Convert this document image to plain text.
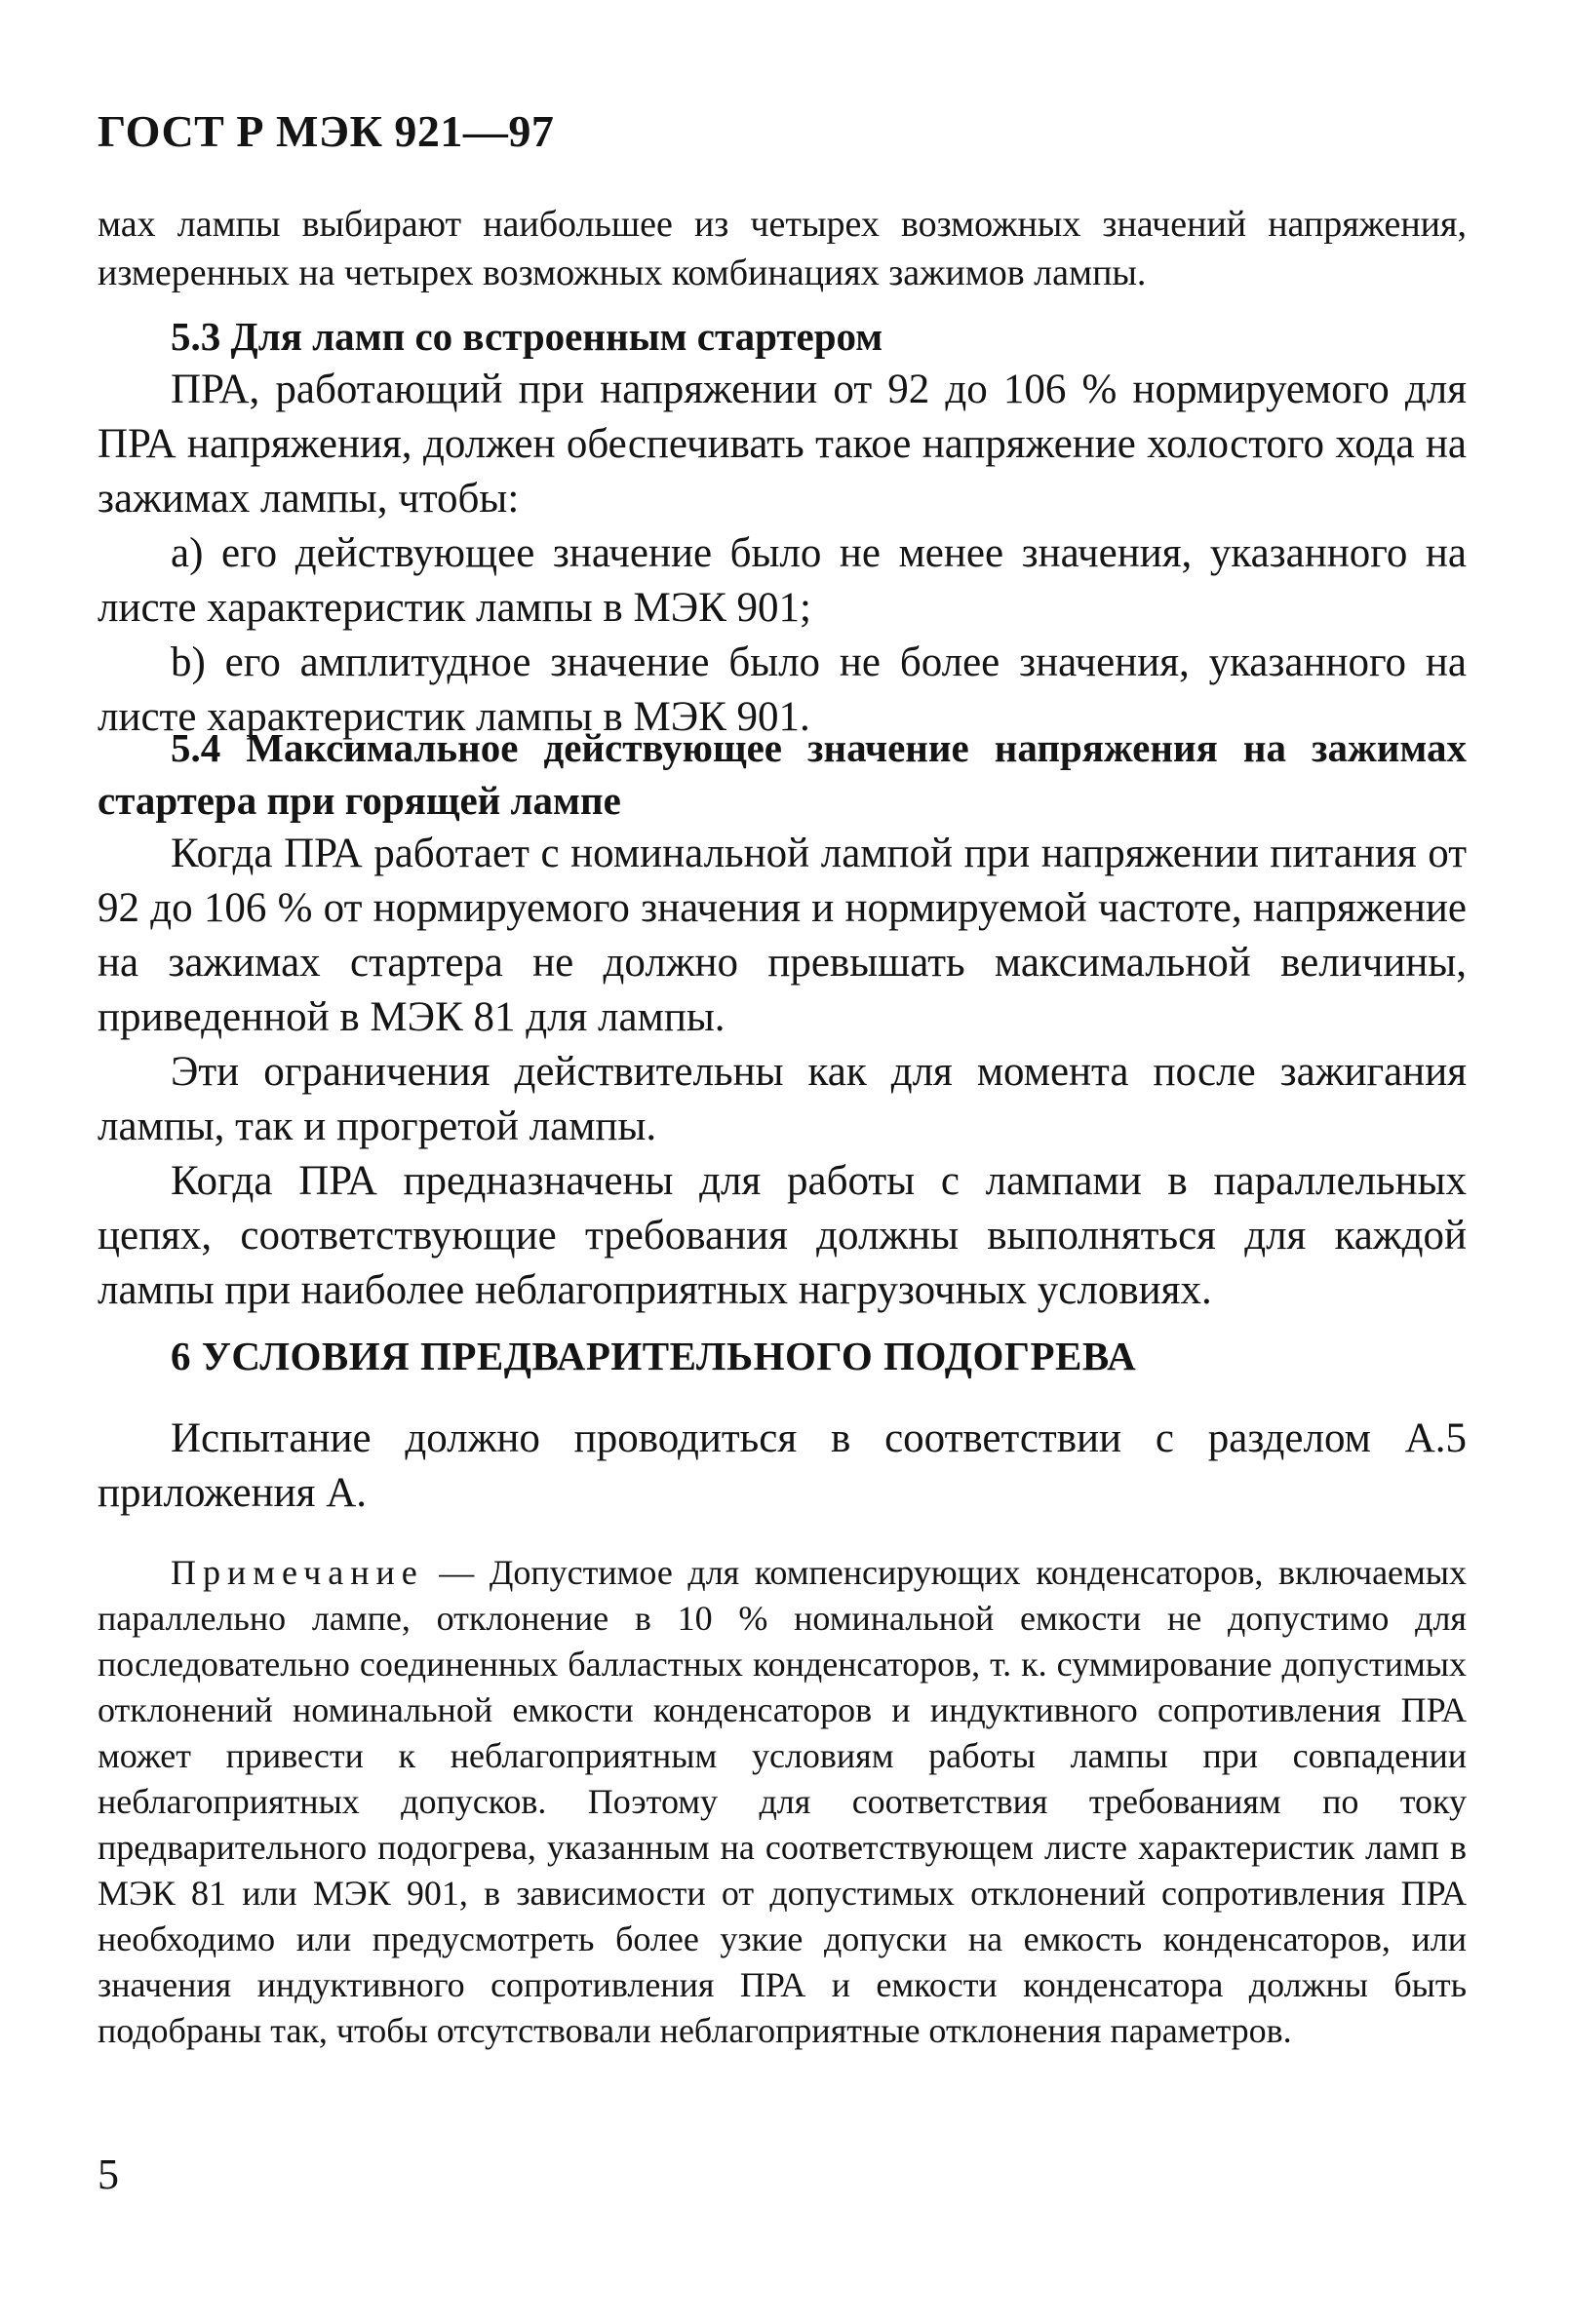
ГОСТ Р МЭК 921—97

мах лампы выбирают наибольшее из четырех возможных значений напряжения, измеренных на четырех возможных комбинациях зажимов лампы.

5.3 Для ламп со встроенным стартером

ПРА, работающий при напряжении от 92 до 106 % нормируемого для ПРА напряжения, должен обеспечивать такое напряжение холостого хода на зажимах лампы, чтобы:

а) его действующее значение было не менее значения, указанного на листе характеристик лампы в МЭК 901;

b) его амплитудное значение было не более значения, указанного на листе характеристик лампы в МЭК 901.

5.4 Максимальное действующее значение напряжения на зажимах стартера при горящей лампе

Когда ПРА работает с номинальной лампой при напряжении питания от 92 до 106 % от нормируемого значения и нормируемой частоте, напряжение на зажимах стартера не должно превышать максимальной величины, приведенной в МЭК 81 для лампы.

Эти ограничения действительны как для момента после зажигания лампы, так и прогретой лампы.

Когда ПРА предназначены для работы с лампами в параллельных цепях, соответствующие требования должны выполняться для каждой лампы при наиболее неблагоприятных нагрузочных условиях.

6 УСЛОВИЯ ПРЕДВАРИТЕЛЬНОГО ПОДОГРЕВА

Испытание должно проводиться в соответствии с разделом А.5 приложения А.

Примечание — Допустимое для компенсирующих конденсаторов, включаемых параллельно лампе, отклонение в 10 % номинальной емкости не допустимо для последовательно соединенных балластных конденсаторов, т. к. суммирование допустимых отклонений номинальной емкости конденсаторов и индуктивного сопротивления ПРА может привести к неблагоприятным условиям работы лампы при совпадении неблагоприятных допусков. Поэтому для соответствия требованиям по току предварительного подогрева, указанным на соответствующем листе характеристик ламп в МЭК 81 или МЭК 901, в зависимости от допустимых отклонений сопротивления ПРА необходимо или предусмотреть более узкие допуски на емкость конденсаторов, или значения индуктивного сопротивления ПРА и емкости конденсатора должны быть подобраны так, чтобы отсутствовали неблагоприятные отклонения параметров.

5
